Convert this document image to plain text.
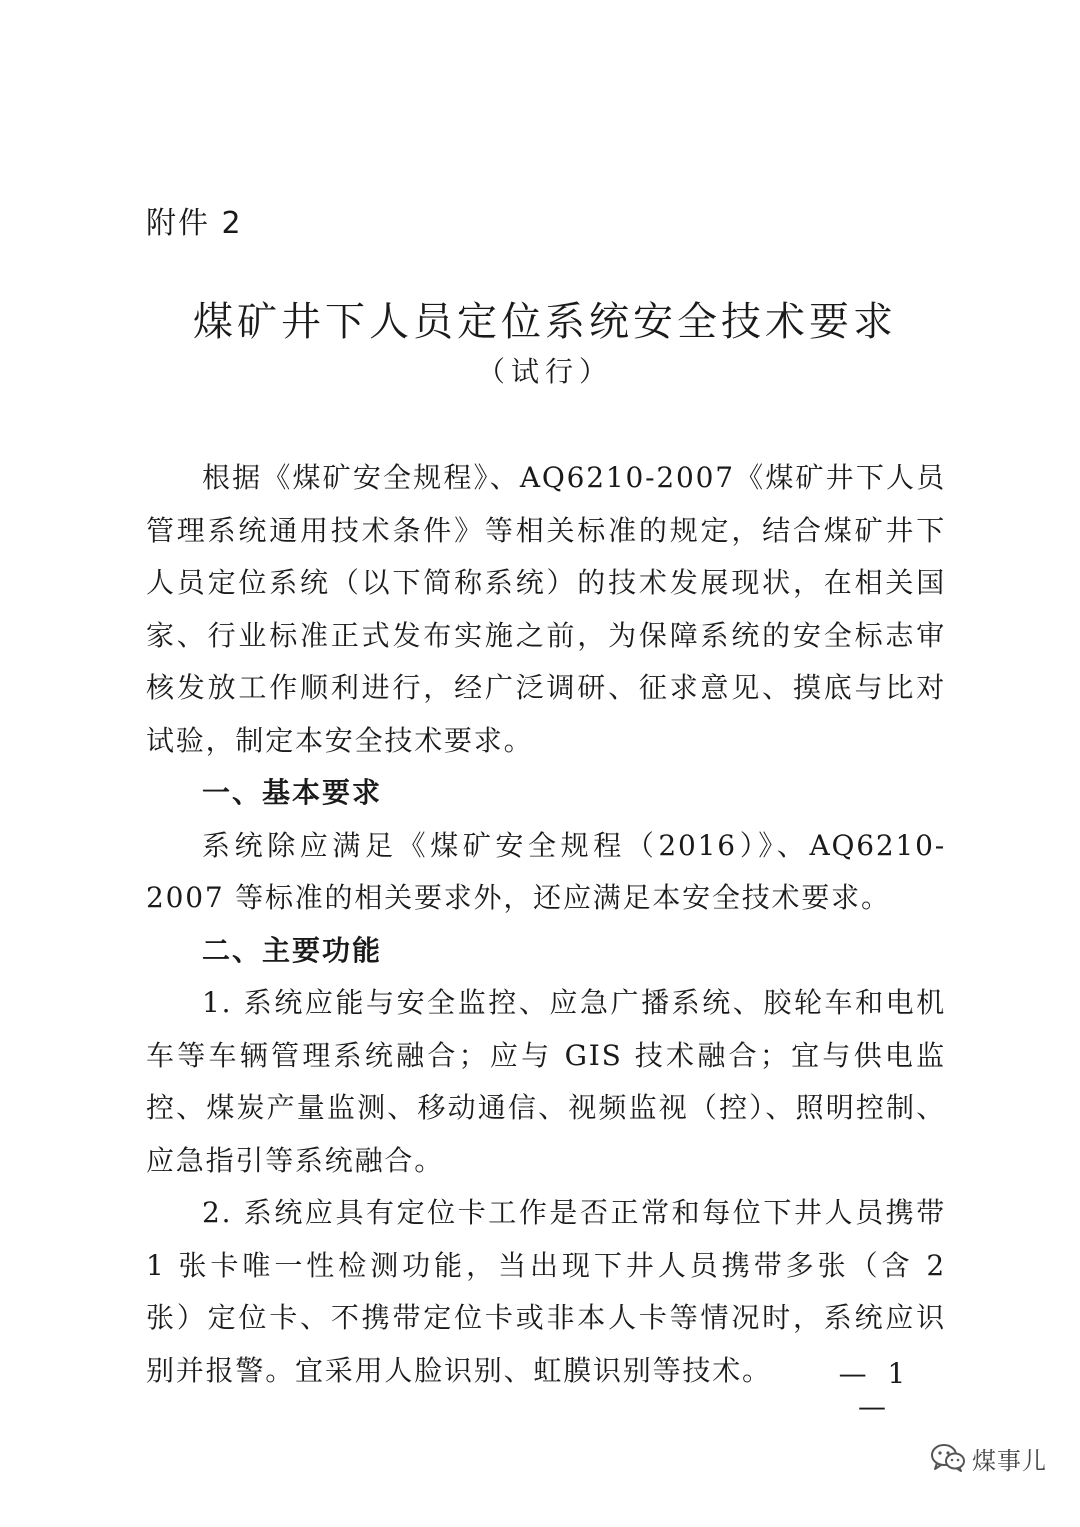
附件 2
煤矿井下人员定位系统安全技术要求
（试行）

根据《煤矿安全规程》、AQ6210-2007《煤矿井下人员管理系统通用技术条件》等相关标准的规定，结合煤矿井下人员定位系统（以下简称系统）的技术发展现状，在相关国家、行业标准正式发布实施之前，为保障系统的安全标志审核发放工作顺利进行，经广泛调研、征求意见、摸底与比对试验，制定本安全技术要求。

一、基本要求

系统除应满足《煤矿安全规程（2016）》、AQ6210-2007 等标准的相关要求外，还应满足本安全技术要求。

二、主要功能

1. 系统应能与安全监控、应急广播系统、胶轮车和电机车等车辆管理系统融合；应与 GIS 技术融合；宜与供电监控、煤炭产量监测、移动通信、视频监视（控）、照明控制、应急指引等系统融合。

2. 系统应具有定位卡工作是否正常和每位下井人员携带 1 张卡唯一性检测功能，当出现下井人员携带多张（含 2 张）定位卡、不携带定位卡或非本人卡等情况时，系统应识别并报警。宜采用人脸识别、虹膜识别等技术。	— 1 —
煤事儿
